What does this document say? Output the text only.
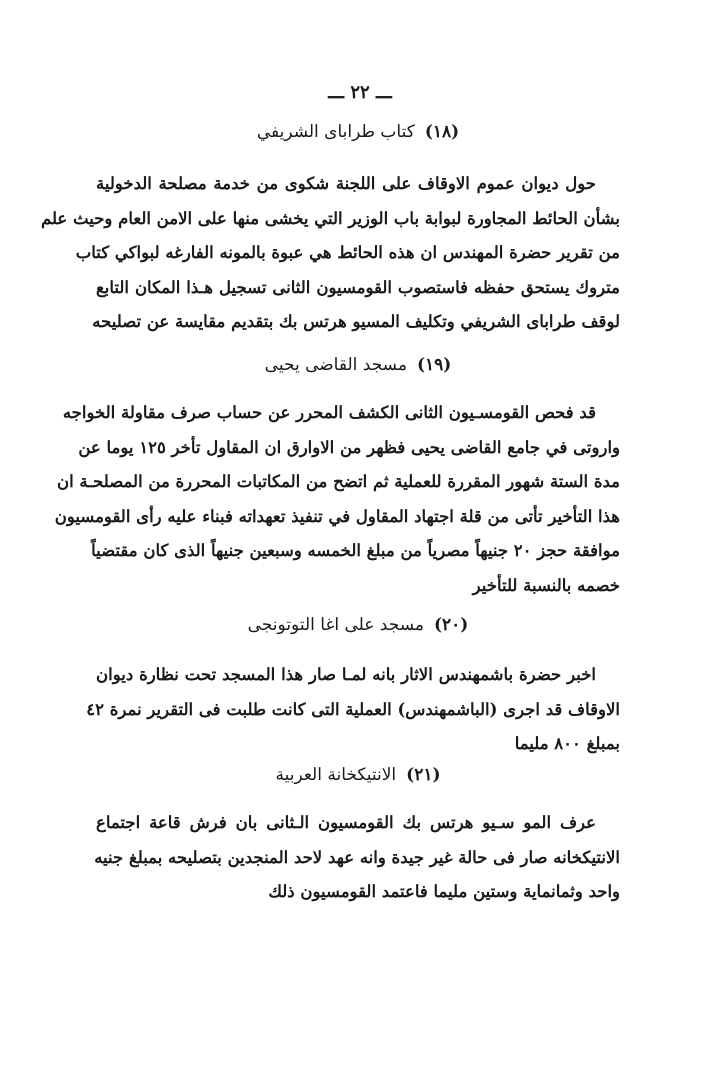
ـــ ٢٢ ـــ
(١٨)كتاب طرابای الشریفي
حول ديوان عموم الاوقاف على اللجنة شكوى من خدمة مصلحة الدخولية
بشأن الحائط المجاورة لبوابة باب الوزير التي يخشى منها على الامن العام وحيث علم
من تقرير حضرة المهندس ان هذه الحائط هي عبوة بالمونه الفارغه لبواكي كتاب
متروك يستحق حفظه فاستصوب القومسيون الثانى تسجيل هـذا المكان التابع
لوقف طرابای الشريفي وتكليف المسيو هرتس بك بتقديم مقايسة عن تصليحه
(١٩)مسجد القاضى يحيى
قد فحص القومسـيون الثانى الكشف المحرر عن حساب صرف مقاولة الخواجه
واروتى في جامع القاضى يحيى فظهر من الاوارق ان المقاول تأخر ١٢٥ يوما عن
مدة الستة شهور المقررة للعملية ثم اتضح من المكاتبات المحررة من المصلحـة ان
هذا التأخير تأتى من قلة اجتهاد المقاول في تنفيذ تعهداته فبناء عليه رأى القومسيون
موافقة حجز ٢٠ جنيهاً مصرياً من مبلغ الخمسه وسبعين جنيهاً الذى كان مقتضياً
خصمه بالنسبة للتأخير
(٢٠)مسجد على اغا التوتونجى
اخبر حضرة باشمهندس الاثار بانه لمـا صار هذا المسجد تحت نظارة ديوان
الاوقاف قد اجرى (الباشمهندس) العملية التى كانت طلبت فى التقرير نمرة ٤٢
بمبلغ ٨٠٠ مليما
(٢١)الانتيكخانة العربية
عرف المو سـيو هرتس بك القومسيون الـثانى بان فرش قاعة اجتماع
الانتيكخانه صار فى حالة غير جيدة وانه عهد لاحد المنجدين بتصليحه بمبلغ جنيه
واحد وثمانماية وستين مليما فاعتمد القومسيون ذلك
